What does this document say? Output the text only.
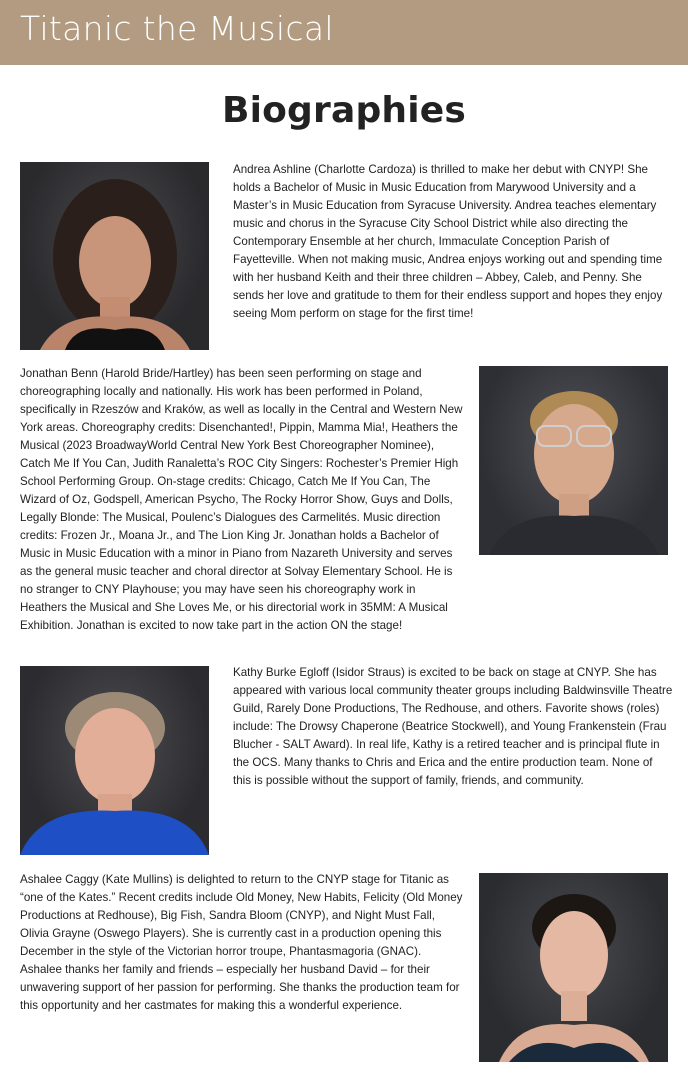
Titanic the Musical
Biographies

Andrea Ashline (Charlotte Cardoza) is thrilled to make her debut with CNYP! She holds a Bachelor of Music in Music Education from Marywood University and a Master’s in Music Education from Syracuse University. Andrea teaches elementary music and chorus in the Syracuse City School District while also directing the Contemporary Ensemble at her church, Immaculate Conception Parish of Fayetteville. When not making music, Andrea enjoys working out and spending time with her husband Keith and their three children – Abbey, Caleb, and Penny. She sends her love and gratitude to them for their endless support and hopes they enjoy seeing Mom perform on stage for the first time!

Jonathan Benn (Harold Bride/Hartley) has been seen performing on stage and choreographing locally and nationally. His work has been performed in Poland, specifically in Rzeszów and Kraków, as well as locally in the Central and Western New York areas. Choreography credits: Disenchanted!, Pippin, Mamma Mia!, Heathers the Musical (2023 BroadwayWorld Central New York Best Choreographer Nominee), Catch Me If You Can, Judith Ranaletta’s ROC City Singers: Rochester’s Premier High School Performing Group. On-stage credits: Chicago, Catch Me If You Can, The Wizard of Oz, Godspell, American Psycho, The Rocky Horror Show, Guys and Dolls, Legally Blonde: The Musical, Poulenc’s Dialogues des Carmelités. Music direction credits: Frozen Jr., Moana Jr., and The Lion King Jr. Jonathan holds a Bachelor of Music in Music Education with a minor in Piano from Nazareth University and serves as the general music teacher and choral director at Solvay Elementary School. He is no stranger to CNY Playhouse; you may have seen his choreography work in Heathers the Musical and She Loves Me, or his directorial work in 35MM: A Musical Exhibition. Jonathan is excited to now take part in the action ON the stage!

Kathy Burke Egloff (Isidor Straus) is excited to be back on stage at CNYP. She has appeared with various local community theater groups including Baldwinsville Theatre Guild, Rarely Done Productions, The Redhouse, and others. Favorite shows (roles) include: The Drowsy Chaperone (Beatrice Stockwell), and Young Frankenstein (Frau Blucher - SALT Award). In real life, Kathy is a retired teacher and is principal flute in the OCS. Many thanks to Chris and Erica and the entire production team. None of this is possible without the support of family, friends, and community.

Ashalee Caggy (Kate Mullins) is delighted to return to the CNYP stage for Titanic as “one of the Kates.” Recent credits include Old Money, New Habits, Felicity (Old Money Productions at Redhouse), Big Fish, Sandra Bloom (CNYP), and Night Must Fall, Olivia Grayne (Oswego Players). She is currently cast in a production opening this December in the style of the Victorian horror troupe, Phantasmagoria (GNAC). Ashalee thanks her family and friends – especially her husband David – for their unwavering support of her passion for performing. She thanks the production team for this opportunity and her castmates for making this a wonderful experience.
